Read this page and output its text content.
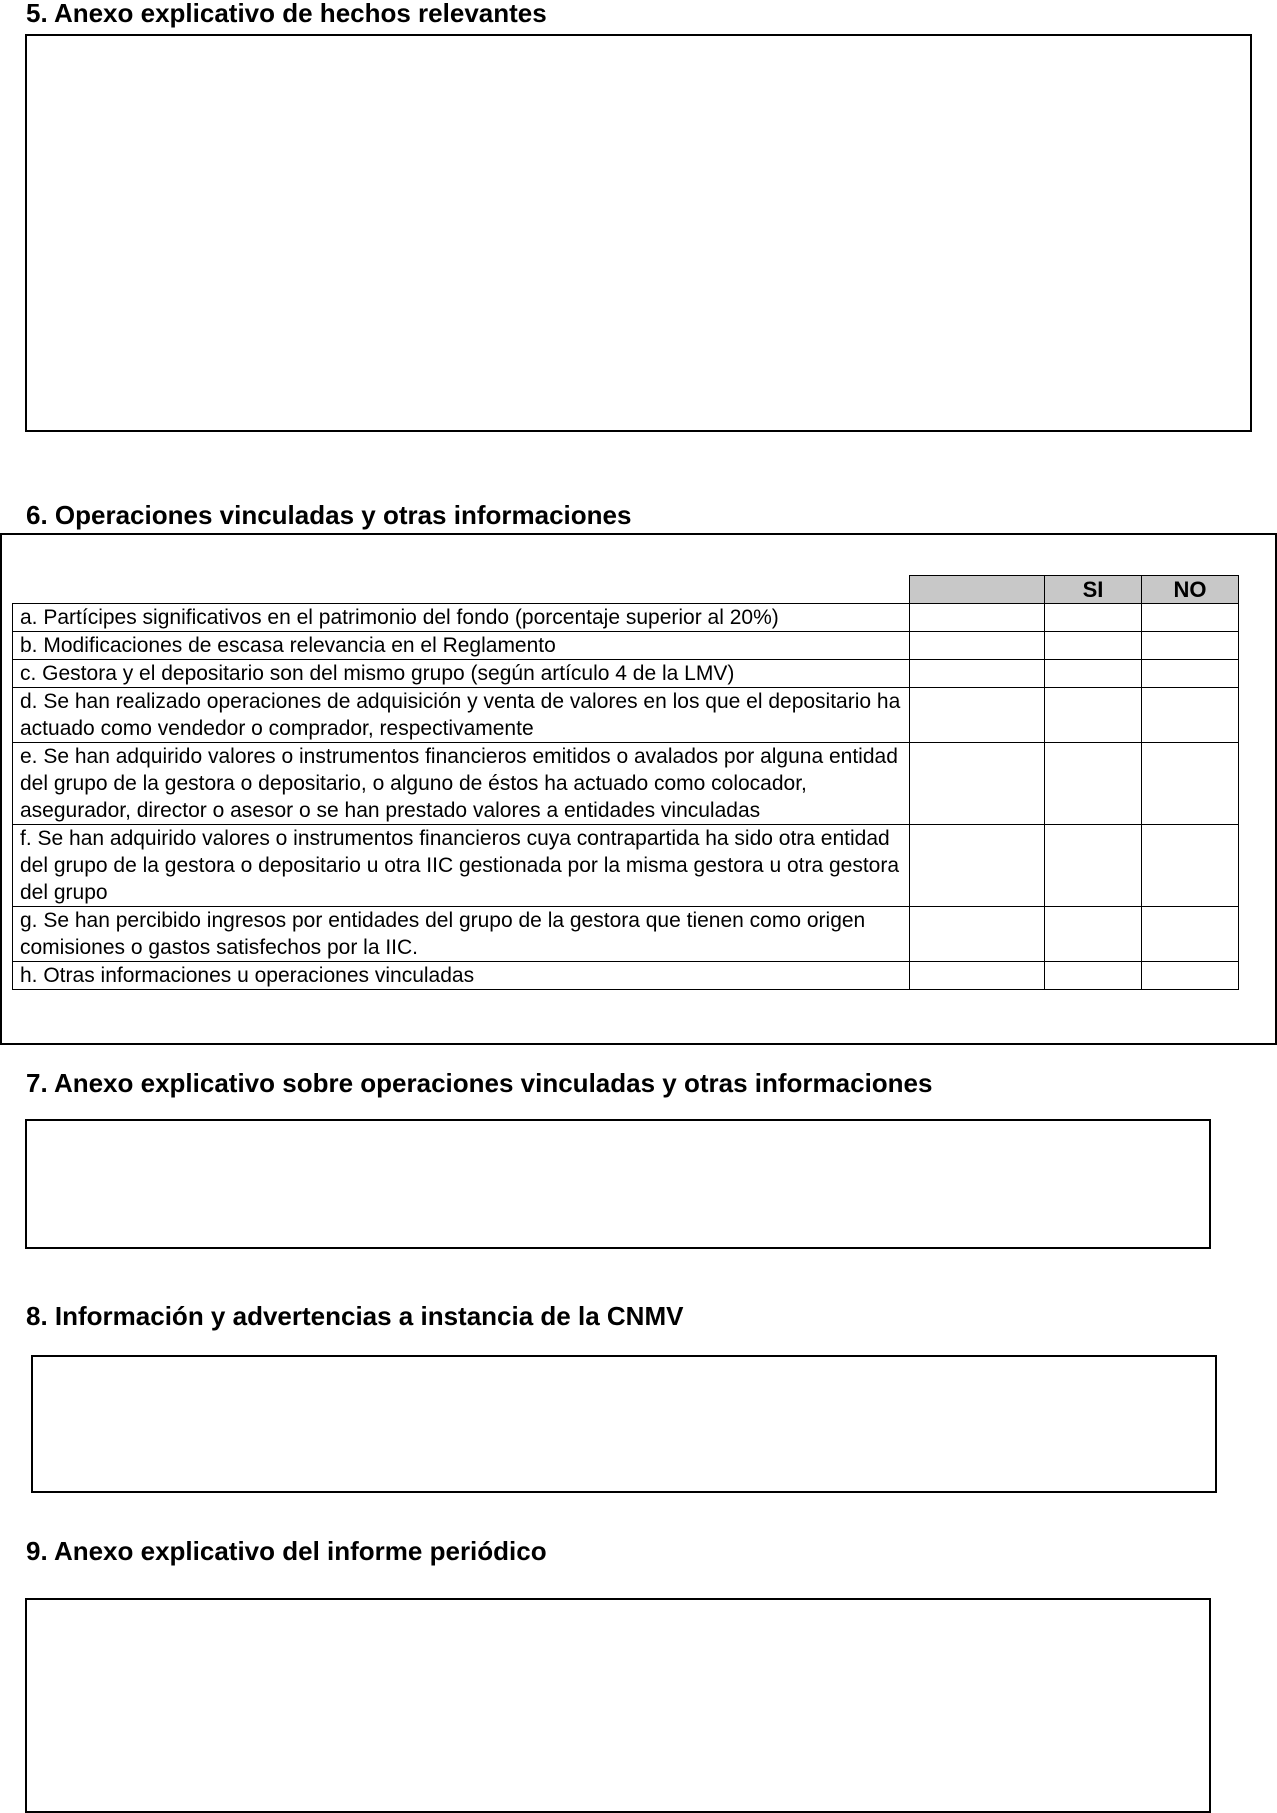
5. Anexo explicativo de hechos relevantes
6. Operaciones vinculadas y otras informaciones
		SI	NO
a. Partícipes significativos en el patrimonio del fondo (porcentaje superior al 20%)			
b. Modificaciones de escasa relevancia en el Reglamento			
c. Gestora y el depositario son del mismo grupo (según artículo 4 de la LMV)			
d. Se han realizado operaciones de adquisición y venta de valores en los que el depositario ha actuado como vendedor o comprador, respectivamente			
e. Se han adquirido valores o instrumentos financieros emitidos o avalados por alguna entidad del grupo de la gestora o depositario, o alguno de éstos ha actuado como colocador, asegurador, director o asesor o se han prestado valores a entidades vinculadas			
f. Se han adquirido valores o instrumentos financieros cuya contrapartida ha sido otra entidad del grupo de la gestora o depositario u otra IIC gestionada por la misma gestora u otra gestora del grupo			
g. Se han percibido ingresos por entidades del grupo de la gestora que tienen como origen comisiones o gastos satisfechos por la IIC.			
h. Otras informaciones u operaciones vinculadas			
7. Anexo explicativo sobre operaciones vinculadas y otras informaciones
8. Información y advertencias a instancia de la CNMV
9. Anexo explicativo del informe periódico
